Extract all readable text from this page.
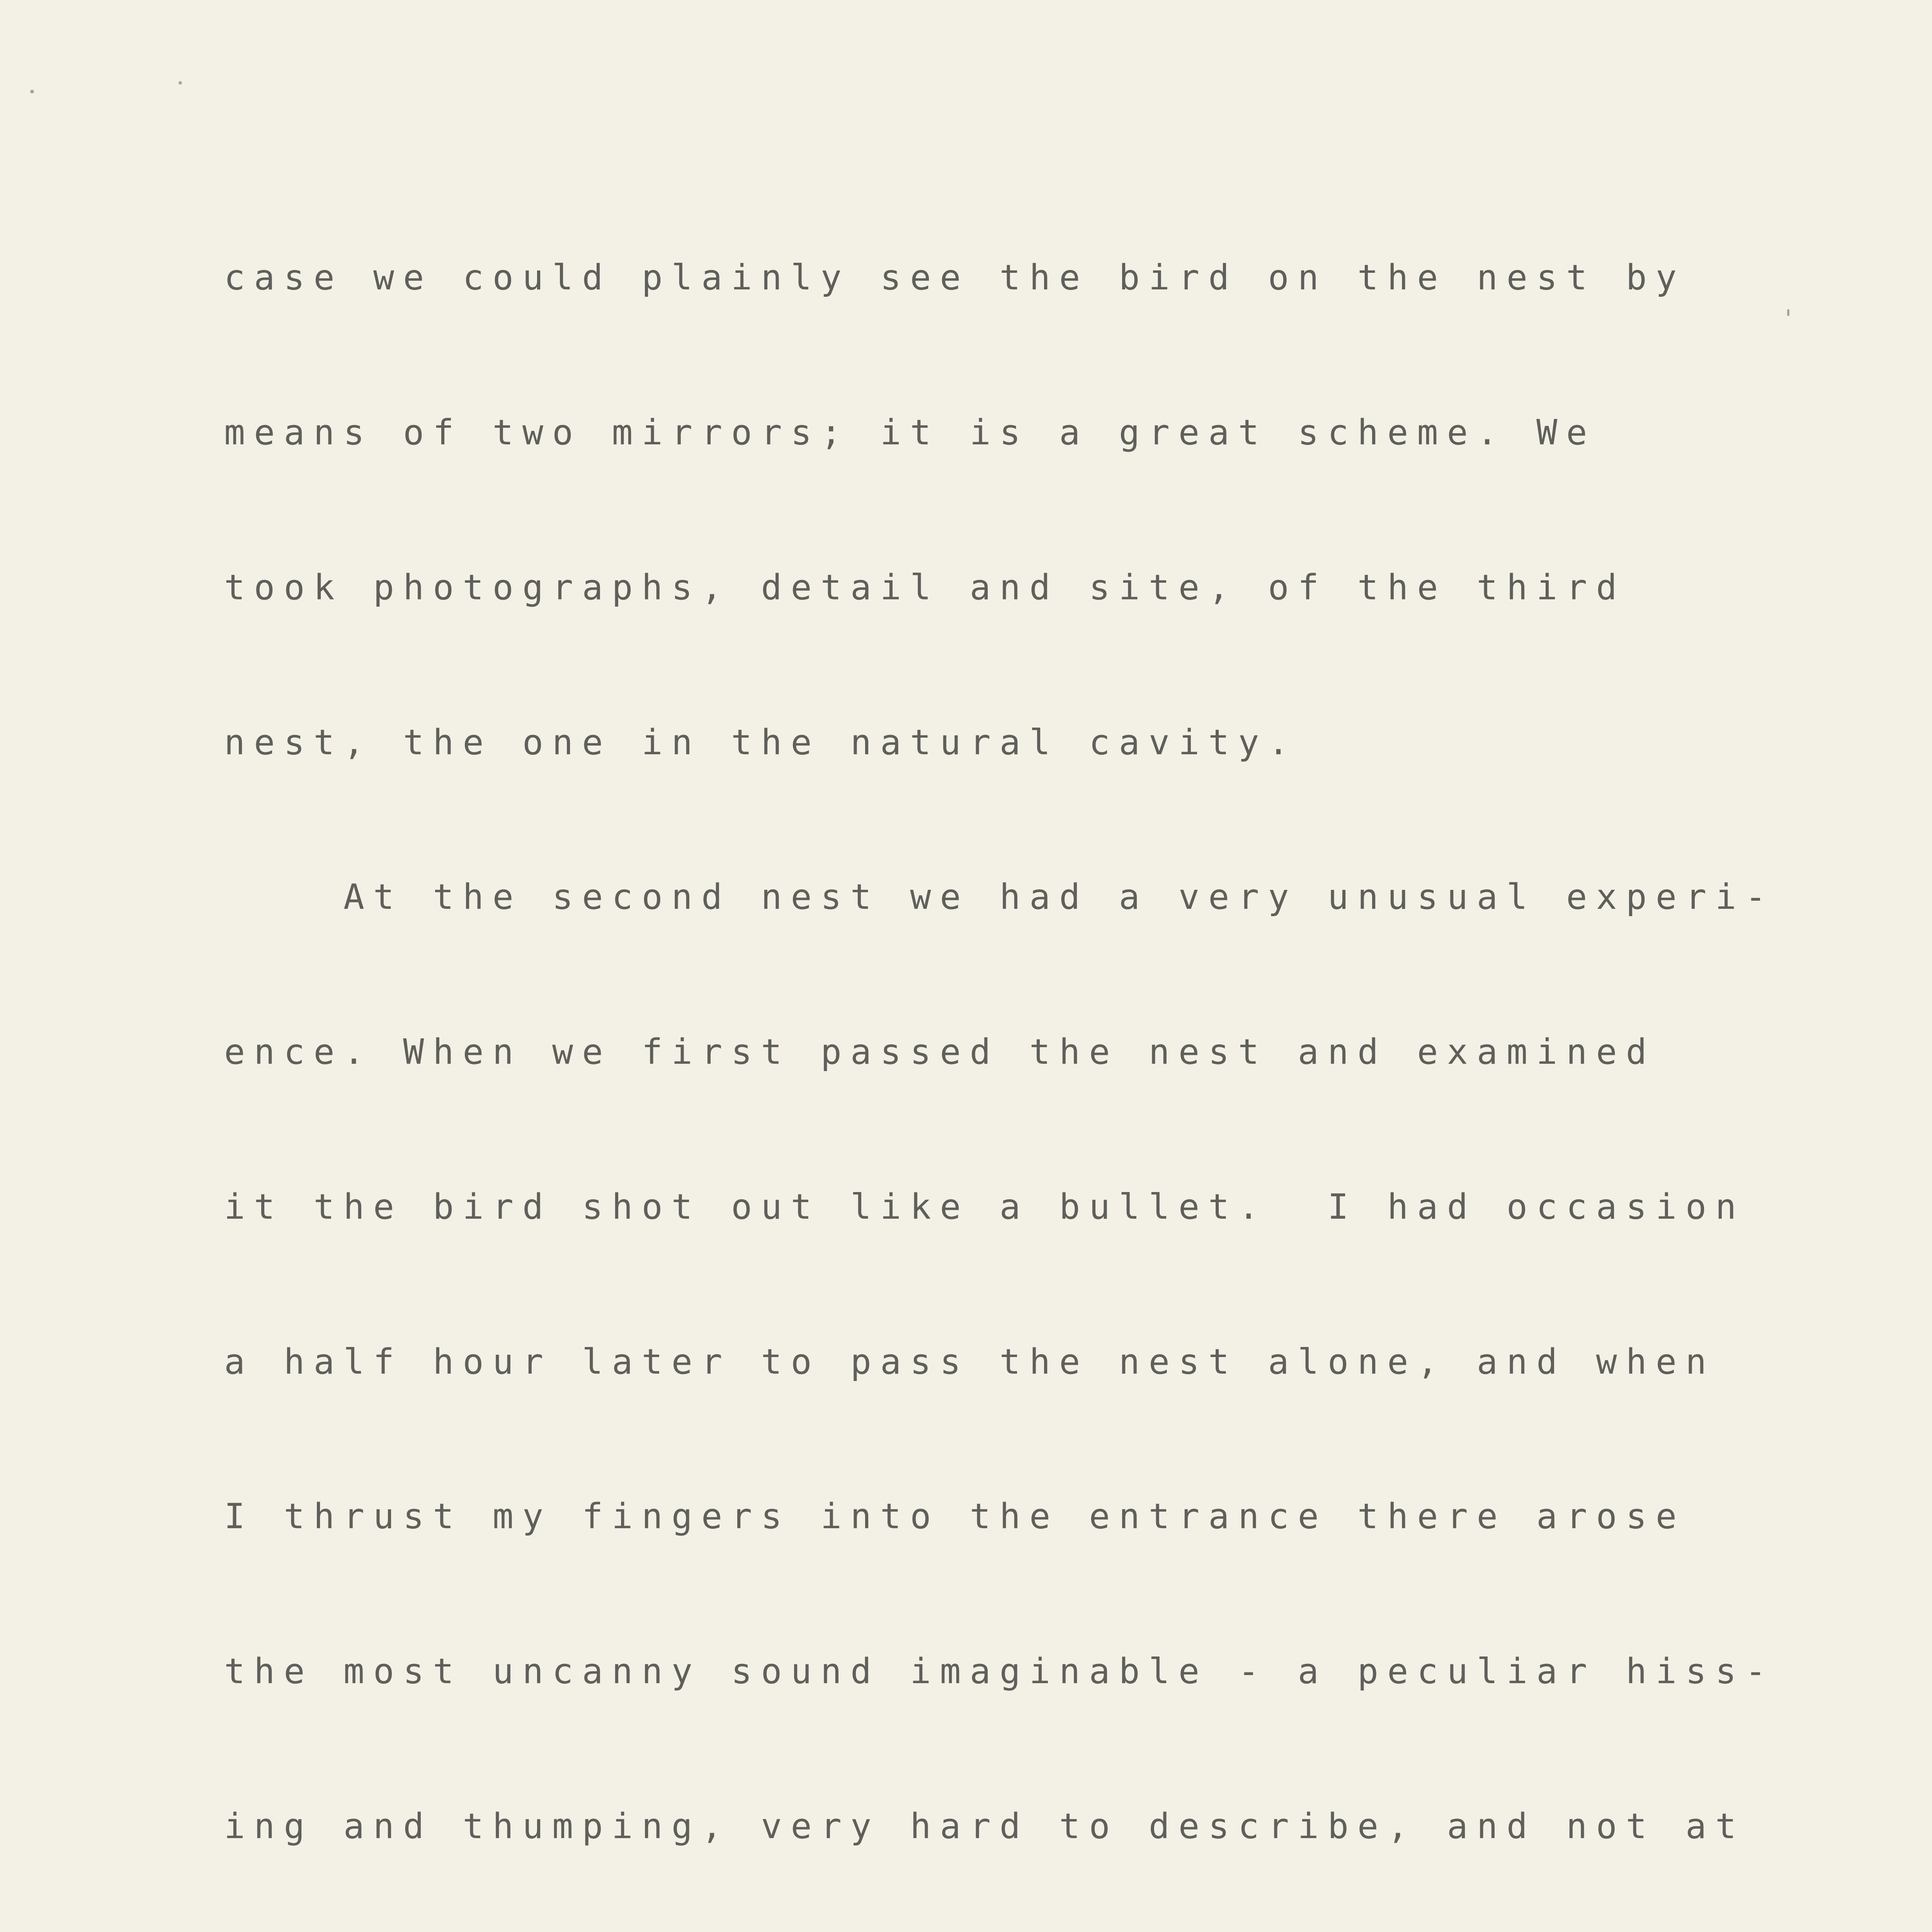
case we could plainly see the bird on the nest by

means of two mirrors; it is a great scheme. We

took photographs, detail and site, of the third

nest, the one in the natural cavity.

At the second nest we had a very unusual experi-

ence. When we first passed the nest and examined

it the bird shot out like a bullet.  I had occasion

a half hour later to pass the nest alone, and when

I thrust my fingers into the entrance there arose

the most uncanny sound imaginable - a peculiar hiss-

ing and thumping, very hard to describe, and not at
